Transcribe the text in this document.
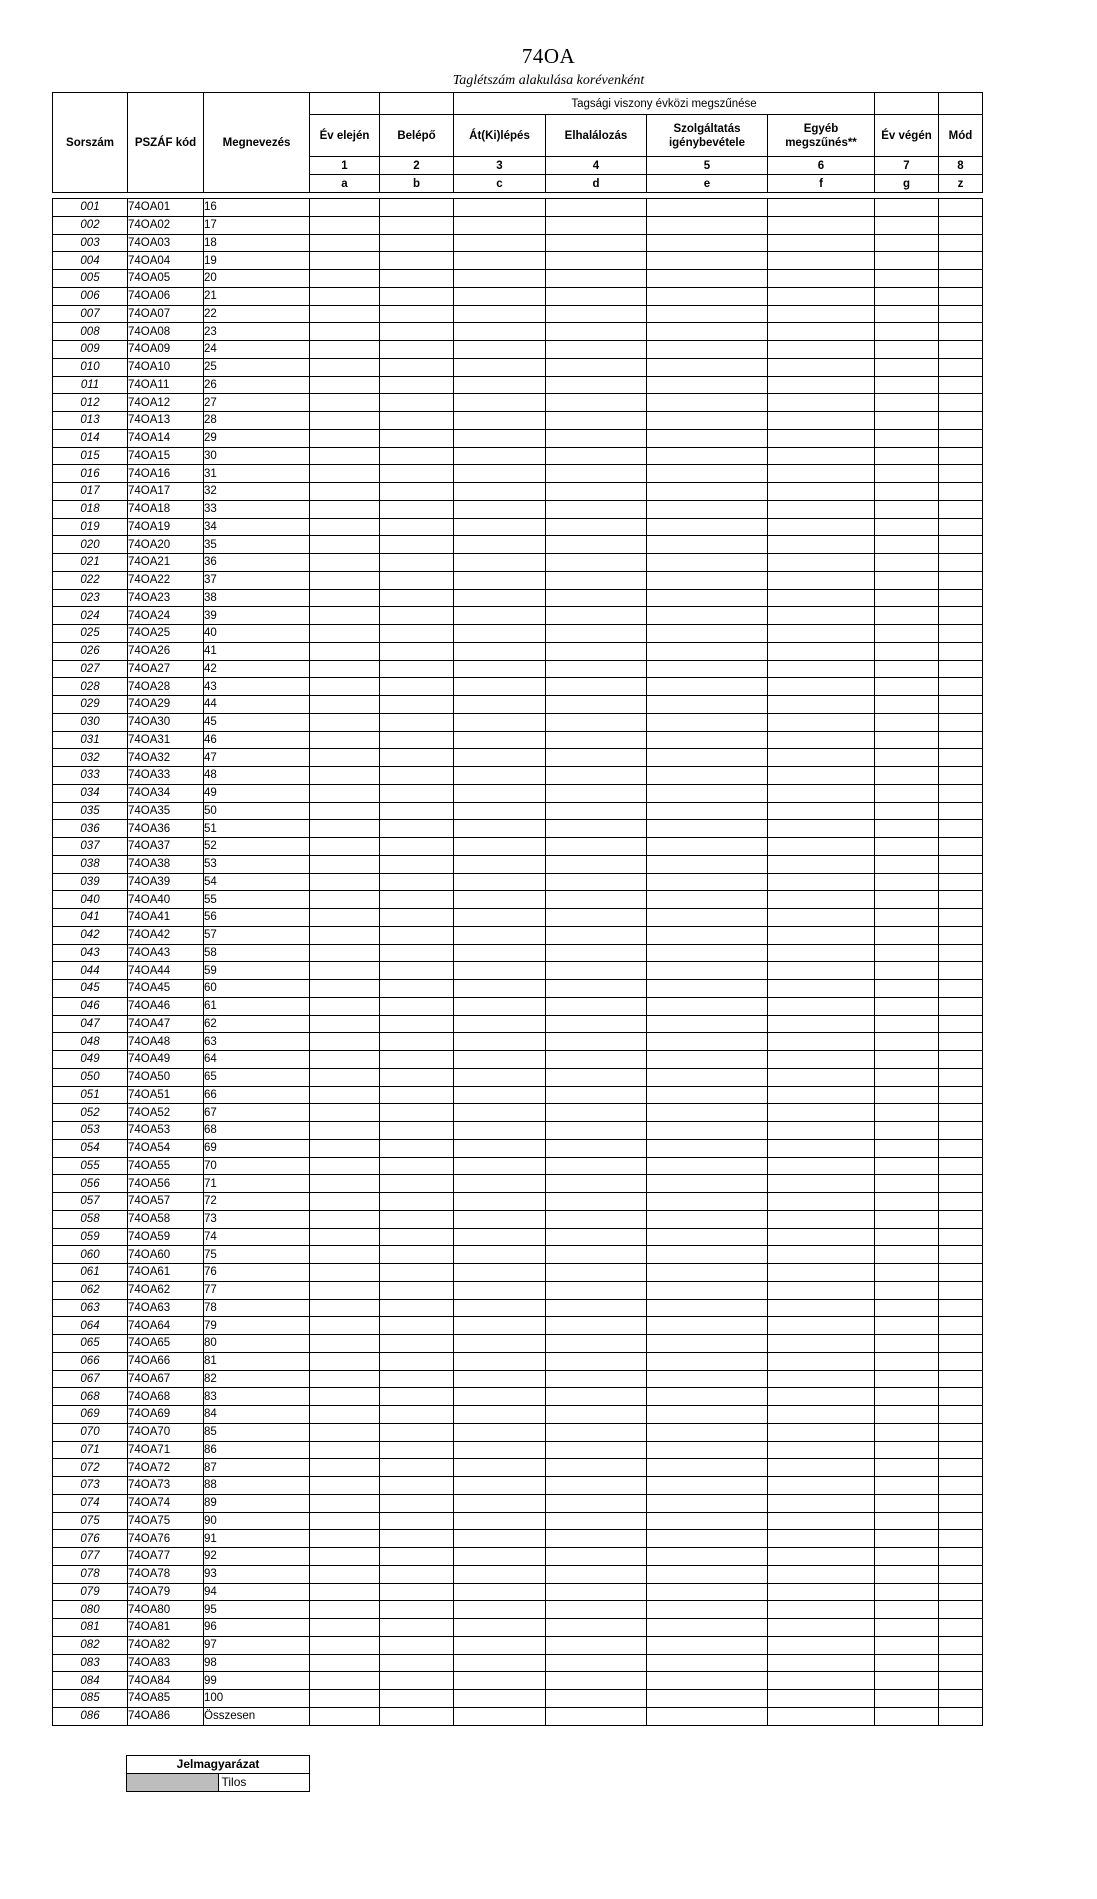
74OA
Taglétszám alakulása korévenként
Sorszám	PSZÁF kód	Megnevezés			Tagsági viszony évközi megszűnése					
			Év elején	Belépő	Át(Ki)lépés	Elhalálozás	Szolgáltatás igénybevétele	Egyéb megszűnés**	Év végén	Mód
			1	2	3	4	5	6	7	8
			a	b	c	d	e	f	g	z

001	74OA01	16								
002	74OA02	17								
003	74OA03	18								
004	74OA04	19								
005	74OA05	20								
006	74OA06	21								
007	74OA07	22								
008	74OA08	23								
009	74OA09	24								
010	74OA10	25								
011	74OA11	26								
012	74OA12	27								
013	74OA13	28								
014	74OA14	29								
015	74OA15	30								
016	74OA16	31								
017	74OA17	32								
018	74OA18	33								
019	74OA19	34								
020	74OA20	35								
021	74OA21	36								
022	74OA22	37								
023	74OA23	38								
024	74OA24	39								
025	74OA25	40								
026	74OA26	41								
027	74OA27	42								
028	74OA28	43								
029	74OA29	44								
030	74OA30	45								
031	74OA31	46								
032	74OA32	47								
033	74OA33	48								
034	74OA34	49								
035	74OA35	50								
036	74OA36	51								
037	74OA37	52								
038	74OA38	53								
039	74OA39	54								
040	74OA40	55								
041	74OA41	56								
042	74OA42	57								
043	74OA43	58								
044	74OA44	59								
045	74OA45	60								
046	74OA46	61								
047	74OA47	62								
048	74OA48	63								
049	74OA49	64								
050	74OA50	65								
051	74OA51	66								
052	74OA52	67								
053	74OA53	68								
054	74OA54	69								
055	74OA55	70								
056	74OA56	71								
057	74OA57	72								
058	74OA58	73								
059	74OA59	74								
060	74OA60	75								
061	74OA61	76								
062	74OA62	77								
063	74OA63	78								
064	74OA64	79								
065	74OA65	80								
066	74OA66	81								
067	74OA67	82								
068	74OA68	83								
069	74OA69	84								
070	74OA70	85								
071	74OA71	86								
072	74OA72	87								
073	74OA73	88								
074	74OA74	89								
075	74OA75	90								
076	74OA76	91								
077	74OA77	92								
078	74OA78	93								
079	74OA79	94								
080	74OA80	95								
081	74OA81	96								
082	74OA82	97								
083	74OA83	98								
084	74OA84	99								
085	74OA85	100								
086	74OA86	Összesen								
Jelmagyarázat
	Tilos
